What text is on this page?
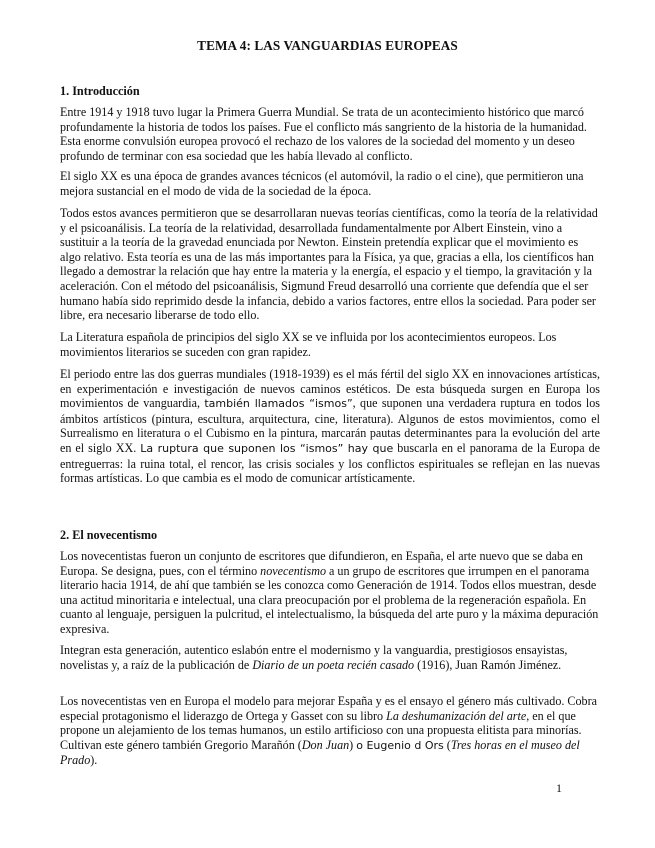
TEMA 4: LAS VANGUARDIAS EUROPEAS
1. Introducción

Entre 1914 y 1918 tuvo lugar la Primera Guerra Mundial. Se trata de un acontecimiento histórico que marcó profundamente la historia de todos los países. Fue el conflicto más sangriento de la historia de la humanidad. Esta enorme convulsión europea provocó el rechazo de los valores de la sociedad del momento y un deseo profundo de terminar con esa sociedad que les había llevado al conflicto.

El siglo XX es una época de grandes avances técnicos (el automóvil, la radio o el cine), que permitieron una mejora sustancial en el modo de vida de la sociedad de la época.

Todos estos avances permitieron que se desarrollaran nuevas teorías científicas, como la teoría de la relatividad y el psicoanálisis. La teoría de la relatividad, desarrollada fundamentalmente por Albert Einstein, vino a sustituir a la teoría de la gravedad enunciada por Newton. Einstein pretendía explicar que el movimiento es algo relativo. Esta teoría es una de las más importantes para la Física, ya que, gracias a ella, los científicos han llegado a demostrar la relación que hay entre la materia y la energía, el espacio y el tiempo, la gravitación y la aceleración. Con el método del psicoanálisis, Sigmund Freud desarrolló una corriente que defendía que el ser humano había sido reprimido desde la infancia, debido a varios factores, entre ellos la sociedad. Para poder ser libre, era necesario liberarse de todo ello.

La Literatura española de principios del siglo XX se ve influida por los acontecimientos europeos. Los movimientos literarios se suceden con gran rapidez.

El periodo entre las dos guerras mundiales (1918-1939) es el más fértil del siglo XX en innovaciones artísticas, en experimentación e investigación de nuevos caminos estéticos. De esta búsqueda surgen en Europa los movimientos de vanguardia, también llamados “ismos”, que suponen una verdadera ruptura en todos los ámbitos artísticos (pintura, escultura, arquitectura, cine, literatura). Algunos de estos movimientos, como el Surrealismo en literatura o el Cubismo en la pintura, marcarán pautas determinantes para la evolución del arte en el siglo XX. La ruptura que suponen los “ismos” hay que buscarla en el panorama de la Europa de entreguerras: la ruina total, el rencor, las crisis sociales y los conflictos espirituales se reflejan en las nuevas formas artísticas. Lo que cambia es el modo de comunicar artísticamente.

2. El novecentismo

Los novecentistas fueron un conjunto de escritores que difundieron, en España, el arte nuevo que se daba en Europa. Se designa, pues, con el término novecentismo a un grupo de escritores que irrumpen en el panorama literario hacia 1914, de ahí que también se les conozca como Generación de 1914. Todos ellos muestran, desde una actitud minoritaria e intelectual, una clara preocupación por el problema de la regeneración española. En cuanto al lenguaje, persiguen la pulcritud, el intelectualismo, la búsqueda del arte puro y la máxima depuración expresiva.

Integran esta generación, autentico eslabón entre el modernismo y la vanguardia, prestigiosos ensayistas, novelistas y, a raíz de la publicación de Diario de un poeta recién casado (1916), Juan Ramón Jiménez.

Los novecentistas ven en Europa el modelo para mejorar España y es el ensayo el género más cultivado. Cobra especial protagonismo el liderazgo de Ortega y Gasset con su libro La deshumanización del arte, en el que propone un alejamiento de los temas humanos, un estilo artificioso con una propuesta elitista para minorías. Cultivan este género también Gregorio Marañón (Don Juan) o Eugenio d Ors (Tres horas en el museo del Prado).

1
